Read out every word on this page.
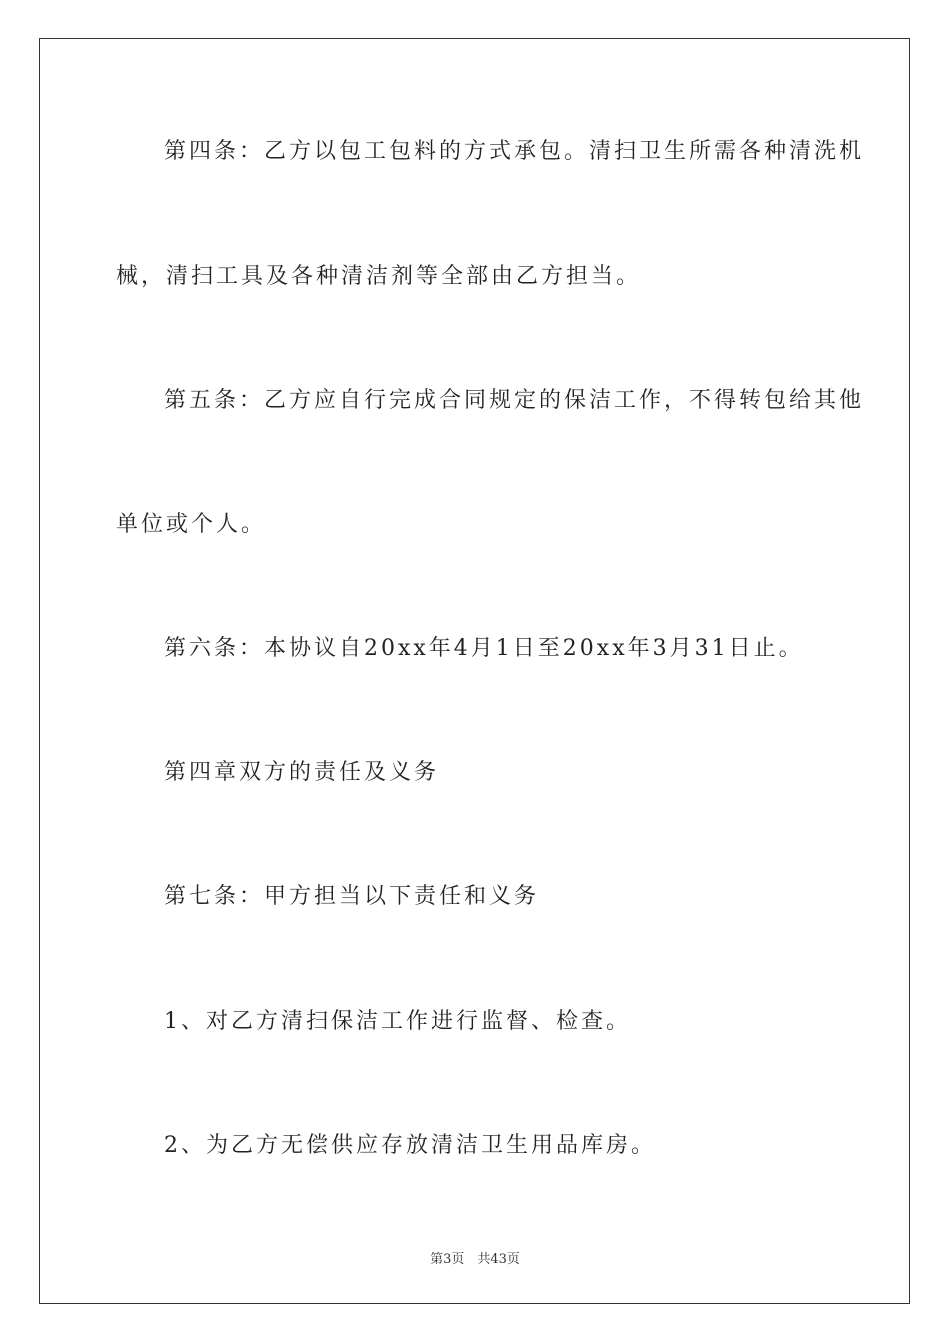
第四条：乙方以包工包料的方式承包。清扫卫生所需各种清洗机
械，清扫工具及各种清洁剂等全部由乙方担当。
第五条：乙方应自行完成合同规定的保洁工作，不得转包给其他
单位或个人。
第六条：本协议自20xx年4月1日至20xx年3月31日止。
第四章双方的责任及义务
第七条：甲方担当以下责任和义务
1、对乙方清扫保洁工作进行监督、检查。
2、为乙方无偿供应存放清洁卫生用品库房。
第3页　共43页
